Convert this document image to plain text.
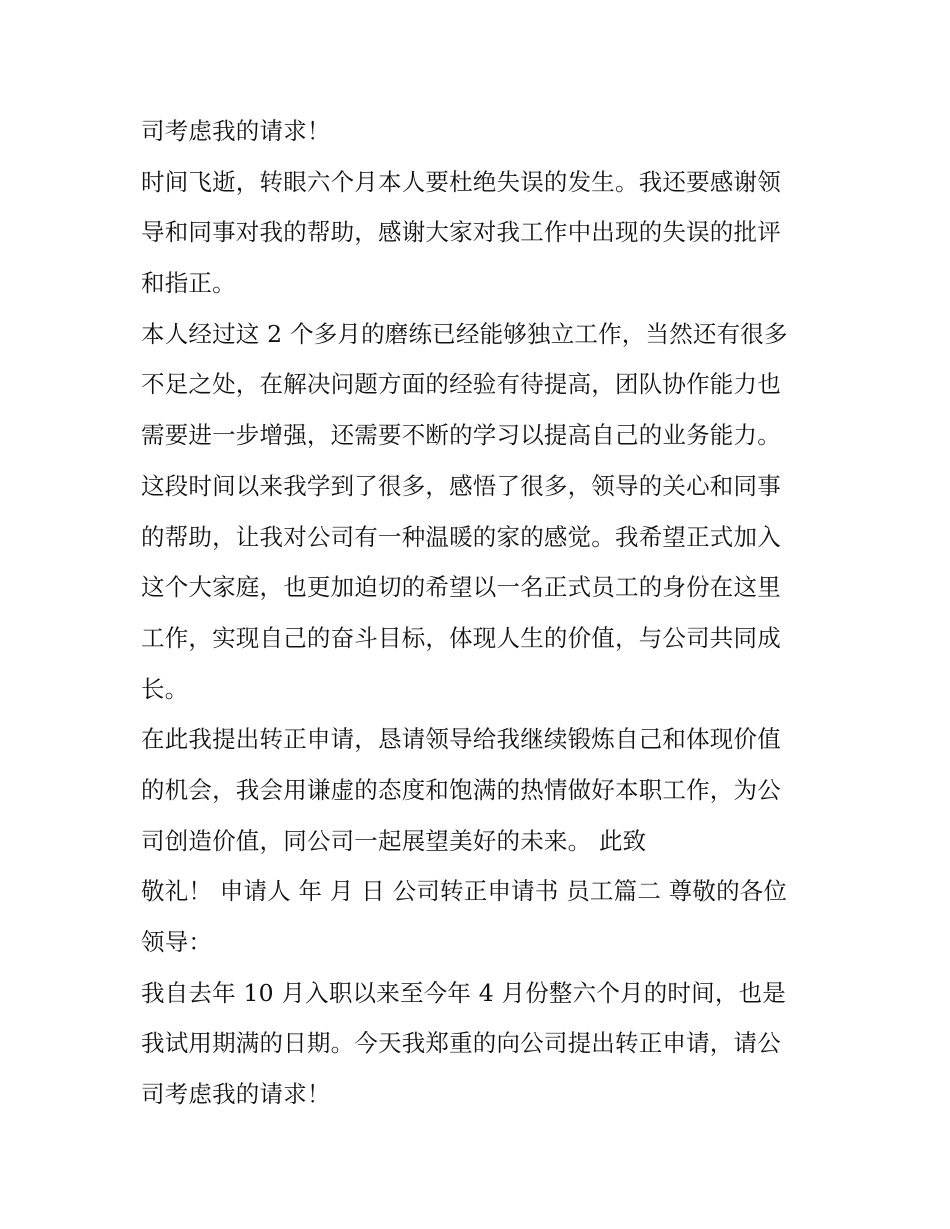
司考虑我的请求！
时间飞逝，转眼六个月本人要杜绝失误的发生。我还要感谢领
导和同事对我的帮助，感谢大家对我工作中出现的失误的批评
和指正。
本人经过这 2 个多月的磨练已经能够独立工作，当然还有很多
不足之处，在解决问题方面的经验有待提高，团队协作能力也
需要进一步增强，还需要不断的学习以提高自己的业务能力。
这段时间以来我学到了很多，感悟了很多，领导的关心和同事
的帮助，让我对公司有一种温暖的家的感觉。我希望正式加入
这个大家庭，也更加迫切的希望以一名正式员工的身份在这里
工作，实现自己的奋斗目标，体现人生的价值，与公司共同成
长。
在此我提出转正申请，恳请领导给我继续锻炼自己和体现价值
的机会，我会用谦虚的态度和饱满的热情做好本职工作，为公
司创造价值，同公司一起展望美好的未来。 此致
敬礼！ 申请人 年 月 日 公司转正申请书 员工篇二 尊敬的各位
领导：
我自去年 10 月入职以来至今年 4 月份整六个月的时间，也是
我试用期满的日期。今天我郑重的向公司提出转正申请，请公
司考虑我的请求！
